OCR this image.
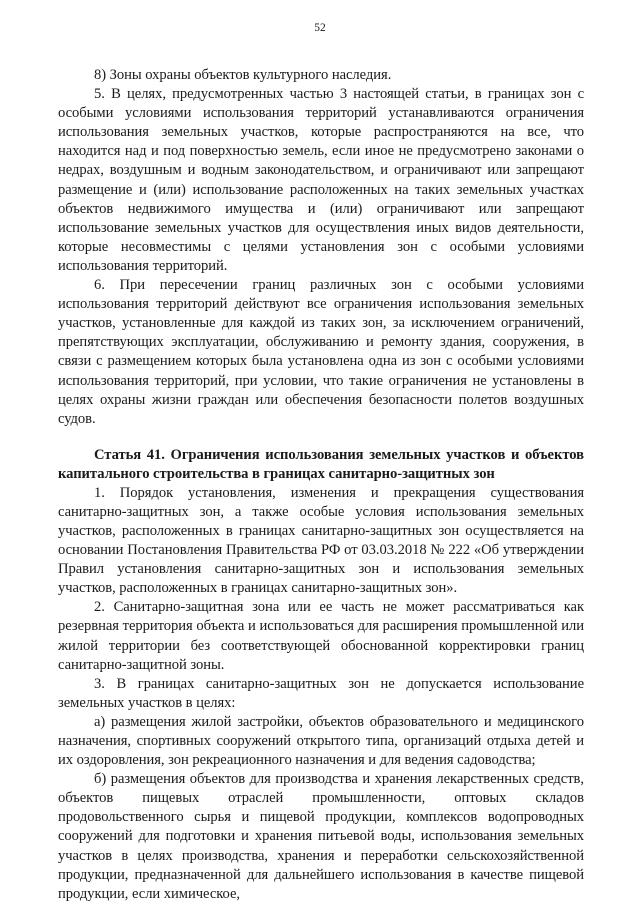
52

8) Зоны охраны объектов культурного наследия.

5. В целях, предусмотренных частью 3 настоящей статьи, в границах зон с особыми условиями использования территорий устанавливаются ограничения использования земельных участков, которые распространяются на все, что находится над и под поверхностью земель, если иное не предусмотрено законами о недрах, воздушным и водным законодательством, и ограничивают или запрещают размещение и (или) использование расположенных на таких земельных участках объектов недвижимого имущества и (или) ограничивают или запрещают использование земельных участков для осуществления иных видов деятельности, которые несовместимы с целями установления зон с особыми условиями использования территорий.

6. При пересечении границ различных зон с особыми условиями использования территорий действуют все ограничения использования земельных участков, установленные для каждой из таких зон, за исключением ограничений, препятствующих эксплуатации, обслуживанию и ремонту здания, сооружения, в связи с размещением которых была установлена одна из зон с особыми условиями использования территорий, при условии, что такие ограничения не установлены в целях охраны жизни граждан или обеспечения безопасности полетов воздушных судов.

Статья 41. Ограничения использования земельных участков и объектов капитального строительства в границах санитарно-защитных зон

1. Порядок установления, изменения и прекращения существования санитарно-защитных зон, а также особые условия использования земельных участков, расположенных в границах санитарно-защитных зон осуществляется на основании Постановления Правительства РФ от 03.03.2018 № 222 «Об утверждении Правил установления санитарно-защитных зон и использования земельных участков, расположенных в границах санитарно-защитных зон».

2. Санитарно-защитная зона или ее часть не может рассматриваться как резервная территория объекта и использоваться для расширения промышленной или жилой территории без соответствующей обоснованной корректировки границ санитарно-защитной зоны.

3. В границах санитарно-защитных зон не допускается использование земельных участков в целях:

а) размещения жилой застройки, объектов образовательного и медицинского назначения, спортивных сооружений открытого типа, организаций отдыха детей и их оздоровления, зон рекреационного назначения и для ведения садоводства;

б) размещения объектов для производства и хранения лекарственных средств, объектов пищевых отраслей промышленности, оптовых складов продовольственного сырья и пищевой продукции, комплексов водопроводных сооружений для подготовки и хранения питьевой воды, использования земельных участков в целях производства, хранения и переработки сельскохозяйственной продукции, предназначенной для дальнейшего использования в качестве пищевой продукции, если химическое,
